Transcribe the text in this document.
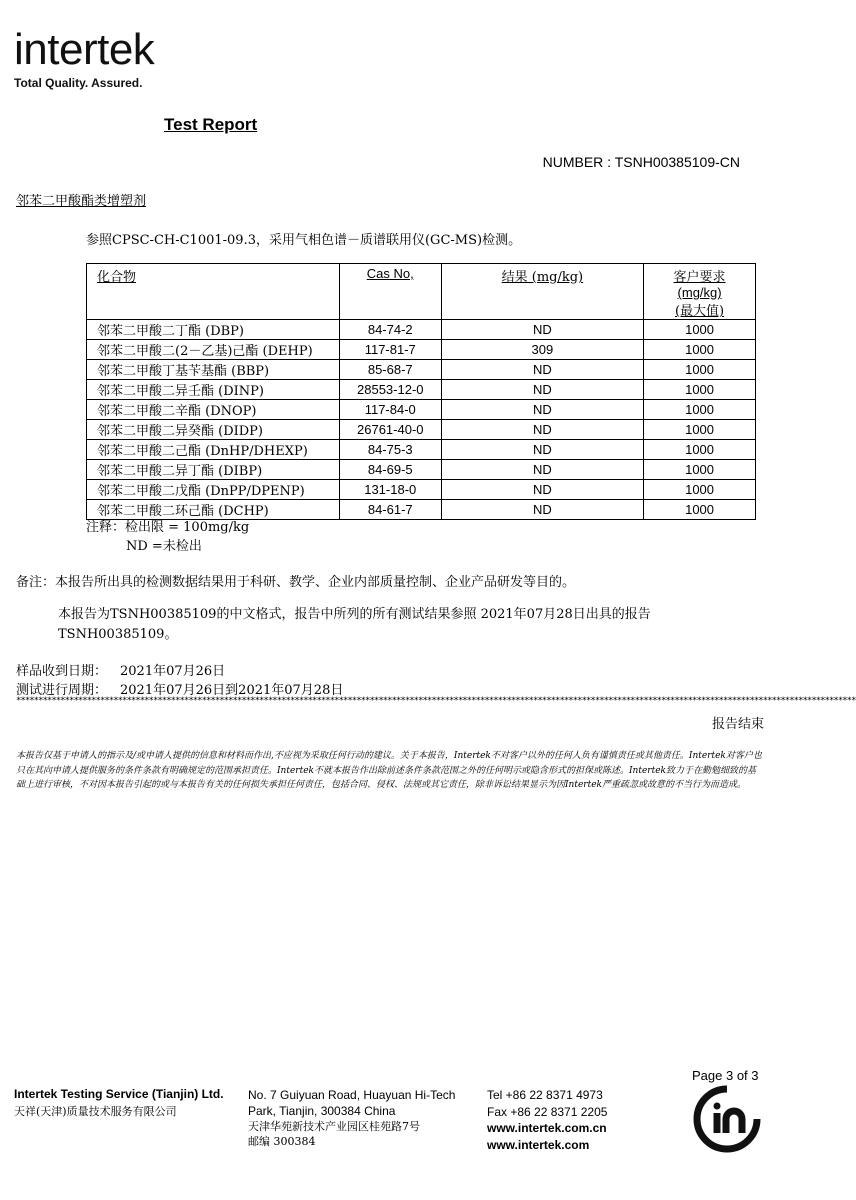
intertek
Total Quality. Assured.
Test Report
NUMBER : TSNH00385109-CN
邻苯二甲酸酯类增塑剂
参照CPSC-CH-C1001-09.3，采用气相色谱－质谱联用仪(GC-MS)检测。
化合物	Cas No,	结果 (mg/kg)	客户要求
(mg/kg)
(最大值)

邻苯二甲酸二丁酯 (DBP)	84-74-2	ND	1000
邻苯二甲酸二(2－乙基)己酯 (DEHP)	117-81-7	309	1000
邻苯二甲酸丁基苄基酯 (BBP)	85-68-7	ND	1000
邻苯二甲酸二异壬酯 (DINP)	28553-12-0	ND	1000
邻苯二甲酸二辛酯 (DNOP)	117-84-0	ND	1000
邻苯二甲酸二异癸酯 (DIDP)	26761-40-0	ND	1000
邻苯二甲酸二己酯 (DnHP/DHEXP)	84-75-3	ND	1000
邻苯二甲酸二异丁酯 (DIBP)	84-69-5	ND	1000
邻苯二甲酸二戊酯 (DnPP/DPENP)	131-18-0	ND	1000
邻苯二甲酸二环己酯 (DCHP)	84-61-7	ND	1000
注释：检出限 = 100mg/kg
ND =未检出
备注：本报告所出具的检测数据结果用于科研、教学、企业内部质量控制、企业产品研发等目的。
本报告为TSNH00385109的中文格式，报告中所列的所有测试结果参照 2021年07月28日出具的报告TSNH00385109。
样品收到日期： 2021年07月26日
测试进行周期： 2021年07月26日到2021年07月28日
**********************************************************************************************************************************************************************************************
报告结束
本报告仅基于申请人的指示及/或申请人提供的信息和材料而作出,不应视为采取任何行动的建议。关于本报告，Intertek不对客户以外的任何人负有谨慎责任或其他责任。Intertek对客户也只在其向申请人提供服务的条件条款有明确规定的范围承担责任。Intertek不就本报告作出除前述条件条款范围之外的任何明示或隐含形式的担保或陈述。Intertek致力于在勤勉细致的基础上进行审核，不对因本报告引起的或与本报告有关的任何损失承担任何责任，包括合同、侵权、法规或其它责任，除非诉讼结果显示为因Intertek严重疏忽或故意的不当行为而造成。
Intertek Testing Service (Tianjin) Ltd.
天祥(天津)质量技术服务有限公司
No. 7 Guiyuan Road, Huayuan Hi-Tech
Park, Tianjin, 300384 China
天津华苑新技术产业园区桂苑路7号
邮编 300384
Tel +86 22 8371 4973
Fax +86 22 8371 2205
www.intertek.com.cn
www.intertek.com
Page 3 of 3
